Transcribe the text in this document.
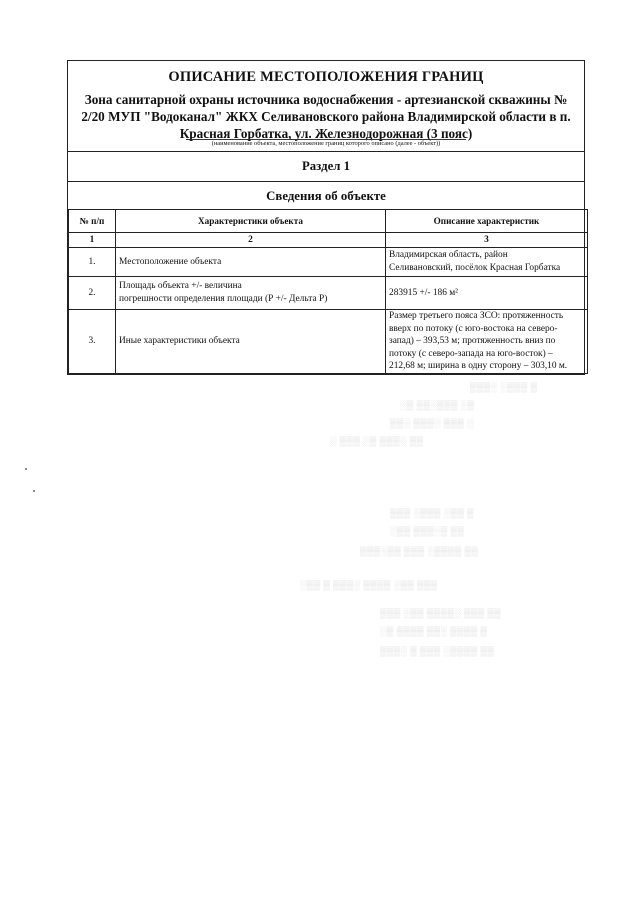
ОПИСАНИЕ МЕСТОПОЛОЖЕНИЯ ГРАНИЦ
Зона санитарной охраны источника водоснабжения - артезианской скважины №
2/20 МУП "Водоканал" ЖКХ Селивановского района Владимирской области в п.
Красная Горбатка, ул. Железнодорожная (3 пояс)
(наименование объекта, местоположение границ которого описано (далее - объект))
Раздел 1
Сведения об объекте
№ п/п	Характеристики объекта	Описание характеристик
1	2	3
1.	Местоположение объекта	Владимирская область, район
Селивановский, посёлок Красная Горбатка

2.	Площадь объекта +/- величина
погрешности определения площади (Р +/- Дельта Р)	283915 +/- 186 м²
3.	Иные характеристики объекта	Размер третьего пояса ЗСО: протяженность
вверх по потоку (с юго-востока на северо-
запад) – 393,53 м; протяженность вниз по
потоку (с северо-запада на юго-восток) –
212,68 м; ширина в одну сторону – 303,10 м.
▒▒▒░ ░▒▒▒ ▒
░▒ ▒▒░▒▒▒ ░▒
▒▒░ ▒▒▒░ ▒▒▒ ░
░ ▒▒▒ ░▒ ▒▒▒░ ▒▒
▒▒▒ ░▒▒▒ ░▒▒ ▒
░▒▒ ▒▒▒░▒ ▒▒
▒▒▒░▒▒ ▒▒▒ ░▒▒▒▒ ▒▒
░▒▒ ▒ ▒▒▒░ ▒▒▒▒ ░▒▒ ▒▒▒
▒▒▒ ░▒▒ ▒▒▒▒░ ▒▒▒ ▒▒
░▒ ▒▒▒▒ ▒▒░ ▒▒▒▒ ▒
▒▒▒░ ▒ ▒▒▒ ░▒▒▒▒ ▒▒
